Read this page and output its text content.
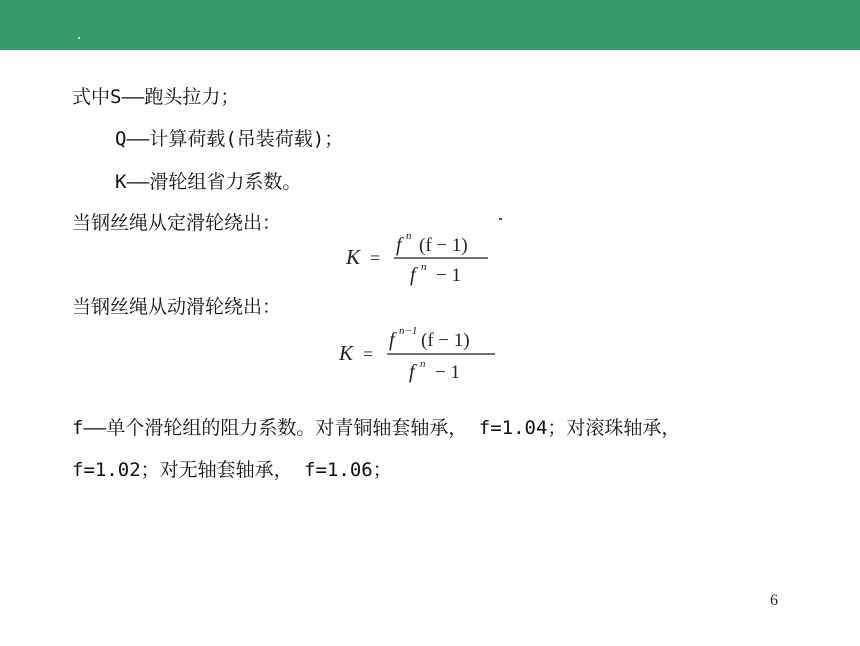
式中S——跑头拉力；
Q——计算荷载(吊装荷载)；
K——滑轮组省力系数。
当钢丝绳从定滑轮绕出：
K =
f n (f − 1)
f n − 1
当钢丝绳从动滑轮绕出：
K =
f n−1 (f − 1)
f n − 1
f——单个滑轮组的阻力系数。对青铜轴套轴承， f=1.04；对滚珠轴承，
f=1.02；对无轴套轴承， f=1.06；
6
